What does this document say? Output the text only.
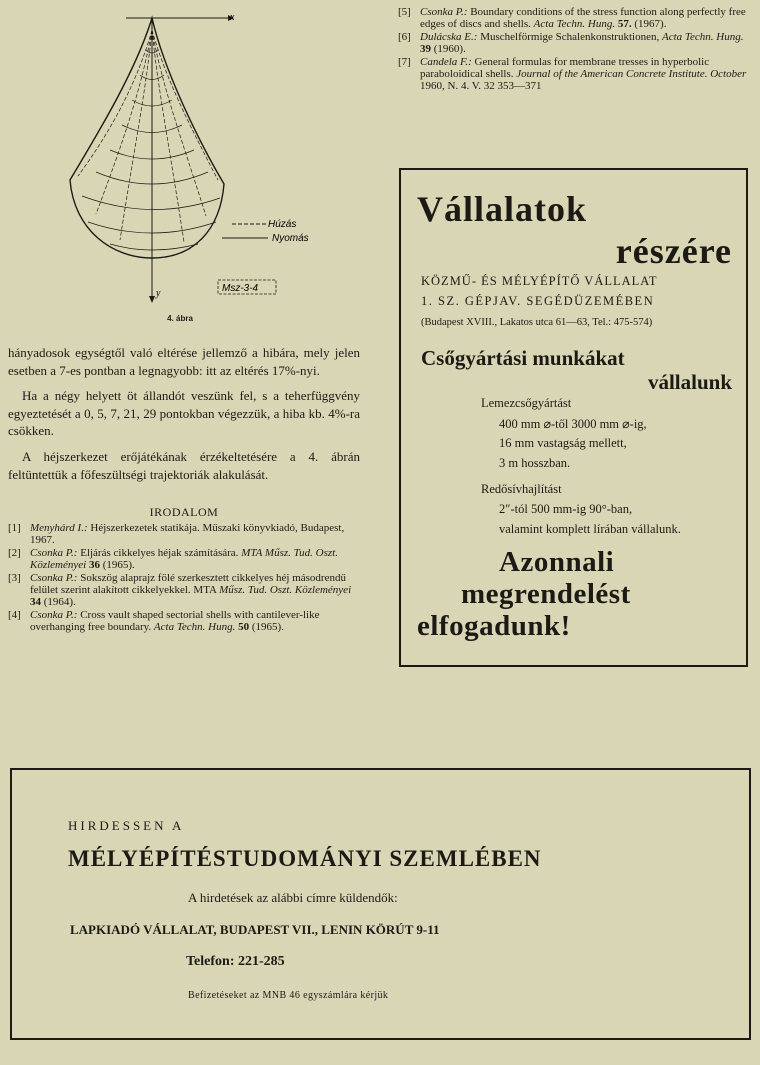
x
y
Húzás
Nyomás
Msz-3-4
4. ábra

hányadosok egységtől való eltérése jellemző a hibára, mely jelen esetben a 7-es pontban a legnagyobb: itt az eltérés 17%-nyi.

Ha a négy helyett öt állandót veszünk fel, s a teherfüggvény egyeztetését a 0, 5, 7, 21, 29 pontokban végezzük, a hiba kb. 4%-ra csökken.

A héjszerkezet erőjátékának érzékeltetésére a 4. ábrán feltüntettük a főfeszültségi trajektoriák alakulását.

IRODALOM
[1] Menyhárd I.: Héjszerkezetek statikája. Műszaki könyvkiadó, Budapest, 1967.
[2] Csonka P.: Eljárás cikkelyes héjak számítására. MTA Műsz. Tud. Oszt. Közleményei 36 (1965).
[3] Csonka P.: Sokszög alaprajz fölé szerkesztett cikkelyes héj másodrendű felület szerint alakított cikkelyekkel. MTA Műsz. Tud. Oszt. Közleményei 34 (1964).
[4] Csonka P.: Cross vault shaped sectorial shells with cantilever-like overhanging free boundary. Acta Techn. Hung. 50 (1965).
[5] Csonka P.: Boundary conditions of the stress function along perfectly free edges of discs and shells. Acta Techn. Hung. 57. (1967).
[6] Dulácska E.: Muschelförmige Schalenkonstruktionen, Acta Techn. Hung. 39 (1960).
[7] Candela F.: General formulas for membrane tresses in hyperbolic paraboloidical shells. Journal of the American Concrete Institute. October 1960, N. 4. V. 32 353—371
Vállalatok
részére
KÖZMŰ- ÉS MÉLYÉPÍTŐ VÁLLALAT
1. SZ. GÉPJAV. SEGÉDÜZEMÉBEN
(Budapest XVIII., Lakatos utca 61—63, Tel.: 475-574)
Csőgyártási munkákat
vállalunk
Lemezcsőgyártást
400 mm ⌀-től 3000 mm ⌀-ig,
16 mm vastagság mellett,
3 m hosszban.
Redősívhajlítást
2″-tól 500 mm-ig 90°-ban,
valamint komplett lírában vállalunk.
Azonnali
megrendelést
elfogadunk!
HIRDESSEN A
MÉLYÉPÍTÉSTUDOMÁNYI SZEMLÉBEN
A hirdetések az alábbi címre küldendők:
LAPKIADÓ VÁLLALAT, BUDAPEST VII., LENIN KÖRÚT 9-11
Telefon: 221-285
Befizetéseket az MNB 46 egyszámlára kérjük
